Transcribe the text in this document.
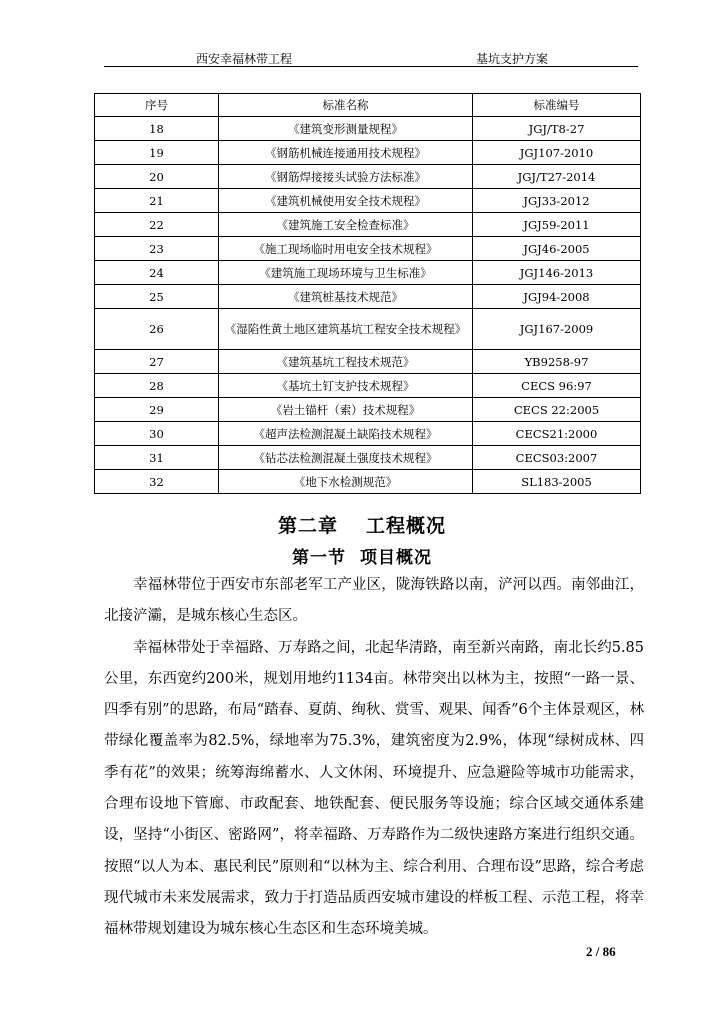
西安幸福林带工程	基坑支护方案
序号	标准名称	标准编号
18	《建筑变形测量规程》	JGJ/T8-27
19	《钢筋机械连接通用技术规程》	JGJ107-2010
20	《钢筋焊接接头试验方法标准》	JGJ/T27-2014
21	《建筑机械使用安全技术规程》	JGJ33-2012
22	《建筑施工安全检查标准》	JGJ59-2011
23	《施工现场临时用电安全技术规程》	JGJ46-2005
24	《建筑施工现场环境与卫生标准》	JGJ146-2013
25	《建筑桩基技术规范》	JGJ94-2008
26	《湿陷性黄土地区建筑基坑工程安全技术规程》	JGJ167-2009
27	《建筑基坑工程技术规范》	YB9258-97
28	《基坑土钉支护技术规程》	CECS 96:97
29	《岩土锚杆（索）技术规程》	CECS 22:2005
30	《超声法检测混凝土缺陷技术规程》	CECS21:2000
31	《钻芯法检测混凝土强度技术规程》	CECS03:2007
32	《地下水检测规范》	SL183-2005
第二章 工程概况
第一节 项目概况

幸福林带位于西安市东部老军工产业区，陇海铁路以南，浐河以西。南邻曲江，北接浐灞，是城东核心生态区。

幸福林带处于幸福路、万寿路之间，北起华清路，南至新兴南路，南北长约5.85公里，东西宽约200米，规划用地约1134亩。林带突出以林为主，按照“一路一景、四季有别”的思路，布局“踏春、夏荫、绚秋、赏雪、观果、闻香”6个主体景观区，林带绿化覆盖率为82.5%，绿地率为75.3%，建筑密度为2.9%，体现“绿树成林、四季有花”的效果；统筹海绵蓄水、人文休闲、环境提升、应急避险等城市功能需求，合理布设地下管廊、市政配套、地铁配套、便民服务等设施；综合区域交通体系建设，坚持“小街区、密路网”，将幸福路、万寿路作为二级快速路方案进行组织交通。按照“以人为本、惠民利民”原则和“以林为主、综合利用、合理布设”思路，综合考虑现代城市未来发展需求，致力于打造品质西安城市建设的样板工程、示范工程，将幸福林带规划建设为城东核心生态区和生态环境美城。

2 / 86
